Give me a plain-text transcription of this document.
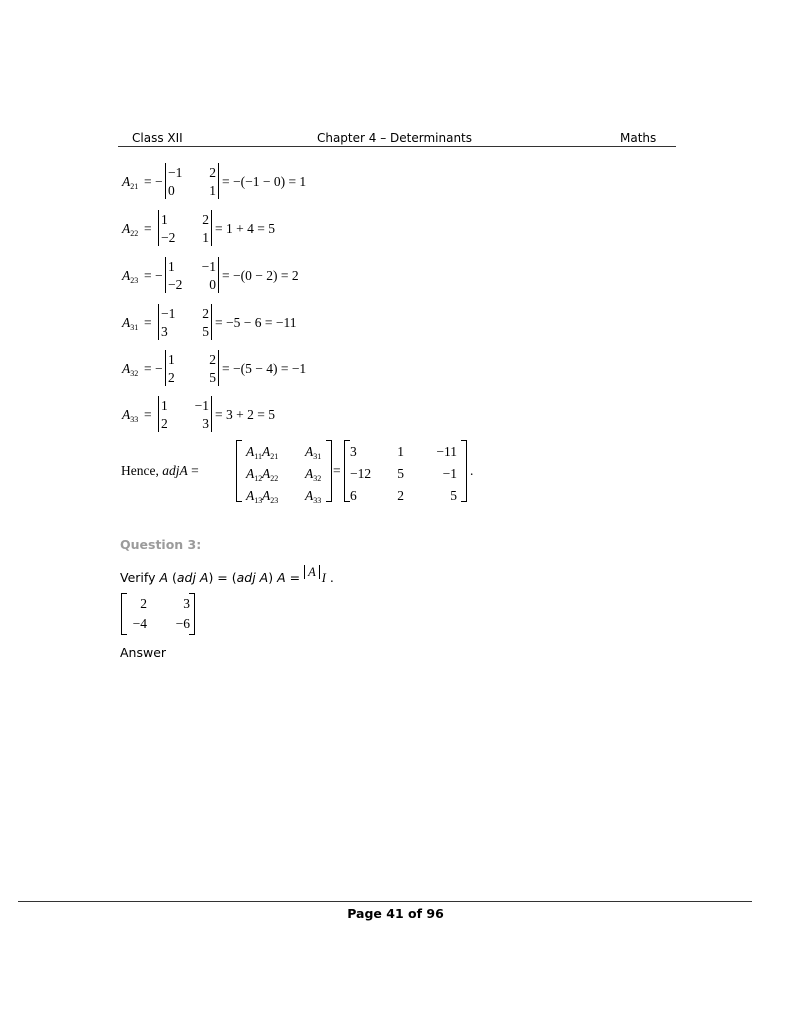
Class XII	Chapter 4 – Determinants	Maths
$A_{21}$ = −
−1 2
0	1
= −(−1 − 0) = 1
$A_{22}$ =
1	2
−2 1
= 1 + 4 = 5
$A_{23}$ = −
1 −1
−2 0
= −(0 − 2) = 2
$A_{31}$ =
−1 2
3	5
= −5 − 6 = −11
$A_{32}$ = −
1	2
2	5
= −(5 − 4) = −1
$A_{33}$ =
1 −1
2	3
= 3 + 2 = 5
Hence, adjA =
$A_{11}$ $A_{21}$ $A_{31}$
$A_{12}$ $A_{22}$ $A_{32}$
$A_{13}$ $A_{23}$ $A_{33}$
=
3	1 −11
−12 5	−1
6	2	5
.
Question 3:
Verify A (adj A) = (adj A) A = A I .
2	3
−4 −6
Answer
Page 41 of 96
